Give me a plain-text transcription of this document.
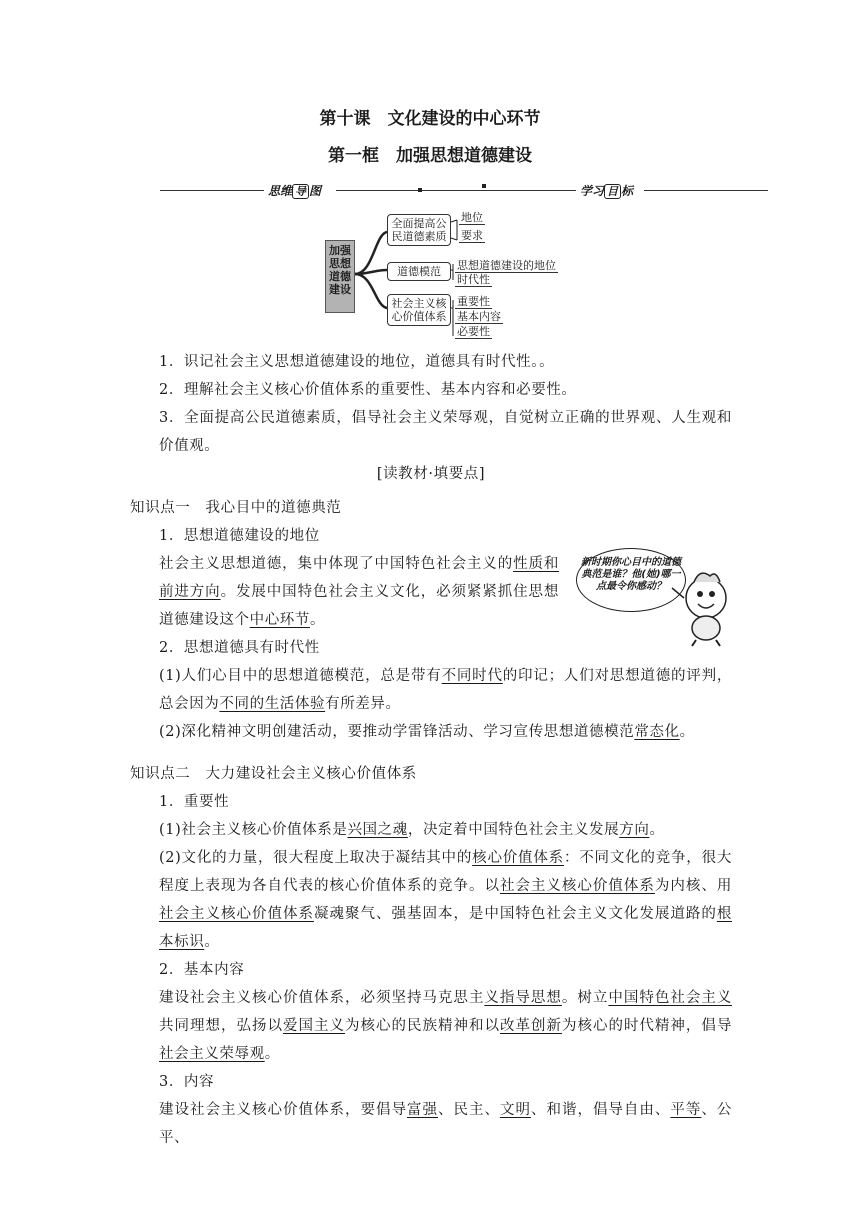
第十课　文化建设的中心环节
第一框　加强思想道德建设
思维 导 图	学习 目 标
加强思想道德建设
全面提高公民道德素质
道德模范
社会主义核心价值体系
地位
要求
思想道德建设的地位
时代性
重要性
基本内容
必要性
1．识记社会主义思想道德建设的地位，道德具有时代性。。
2．理解社会主义核心价值体系的重要性、基本内容和必要性。
3．全面提高公民道德素质，倡导社会主义荣辱观，自觉树立正确的世界观、人生观和价值观。
[读教材·填要点]
知识点一　我心目中的道德典范
1．思想道德建设的地位
社会主义思想道德，集中体现了中国特色社会主义的性质和前进方向。发展中国特色社会主义文化，必须紧紧抓住思想道德建设这个中心环节。
2．思想道德具有时代性
(1)人们心目中的思想道德模范，总是带有不同时代的印记；人们对思想道德的评判，总会因为不同的生活体验有所差异。
(2)深化精神文明创建活动，要推动学雷锋活动、学习宣传思想道德模范常态化。
新时期你心目中的道德典范是谁？他(她)哪一点最令你感动？
知识点二　大力建设社会主义核心价值体系
1．重要性
(1)社会主义核心价值体系是兴国之魂，决定着中国特色社会主义发展方向。
(2)文化的力量，很大程度上取决于凝结其中的核心价值体系：不同文化的竞争，很大程度上表现为各自代表的核心价值体系的竞争。以社会主义核心价值体系为内核、用社会主义核心价值体系凝魂聚气、强基固本，是中国特色社会主义文化发展道路的根本标识。
2．基本内容
建设社会主义核心价值体系，必须坚持马克思主义指导思想。树立中国特色社会主义共同理想，弘扬以爱国主义为核心的民族精神和以改革创新为核心的时代精神，倡导社会主义荣辱观。
3．内容
建设社会主义核心价值体系，要倡导富强、民主、文明、和谐，倡导自由、平等、公平、
